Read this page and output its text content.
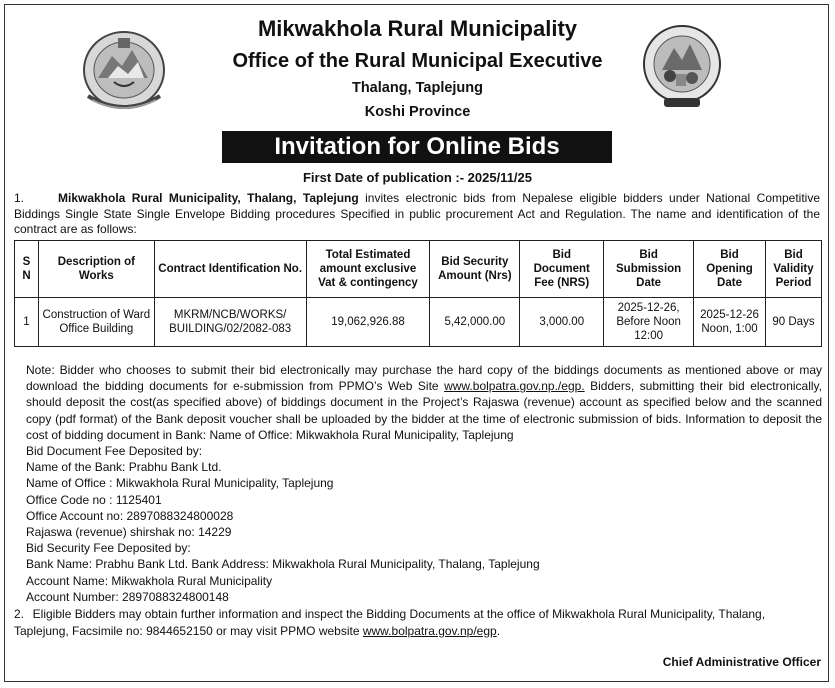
Mikwakhola Rural Municipality
Office of the Rural Municipal Executive
Thalang, Taplejung
Koshi Province
Invitation for Online Bids
First Date of publication :- 2025/11/25
1.	Mikwakhola Rural Municipality, Thalang, Taplejung invites electronic bids from Nepalese eligible bidders under National Competitive Biddings Single State Single Envelope Bidding procedures Specified in public procurement Act and Regulation. The name and identification of the contract are as follows:
S N	Description of Works	Contract Identification No.	Total Estimated amount exclusive Vat & contingency	Bid Security Amount (Nrs)	Bid Document Fee (NRS)	Bid Submission Date	Bid Opening Date	Bid Validity Period
1	Construction of Ward Office Building	MKRM/NCB/WORKS/ BUILDING/02/2082-083	19,062,926.88	5,42,000.00	3,000.00	2025-12-26, Before Noon 12:00	2025-12-26 Noon, 1:00	90 Days
Note: Bidder who chooses to submit their bid electronically may purchase the hard copy of the biddings documents as mentioned above or may download the bidding documents for e-submission from PPMO’s Web Site www.bolpatra.gov.np./egp. Bidders, submitting their bid electronically, should deposit the cost(as specified above) of biddings document in the Project’s Rajaswa (revenue) account as specified below and the scanned copy (pdf format) of the Bank deposit voucher shall be uploaded by the bidder at the time of electronic submission of bids. Information to deposit the cost of bidding document in Bank: Name of Office: Mikwakhola Rural Municipality, Taplejung
Bid Document Fee Deposited by:
Name of the Bank: Prabhu Bank Ltd.
Name of Office : Mikwakhola Rural Municipality, Taplejung
Office Code no : 1125401
Office Account no: 2897088324800028
Rajaswa (revenue) shirshak no: 14229
Bid Security Fee Deposited by:
Bank Name: Prabhu Bank Ltd. Bank Address: Mikwakhola Rural Municipality, Thalang, Taplejung
Account Name: Mikwakhola Rural Municipality
Account Number: 2897088324800148
2. Eligible Bidders may obtain further information and inspect the Bidding Documents at the office of Mikwakhola Rural Municipality, Thalang, Taplejung, Facsimile no: 9844652150 or may visit PPMO website www.bolpatra.gov.np/egp.
Chief Administrative Officer
